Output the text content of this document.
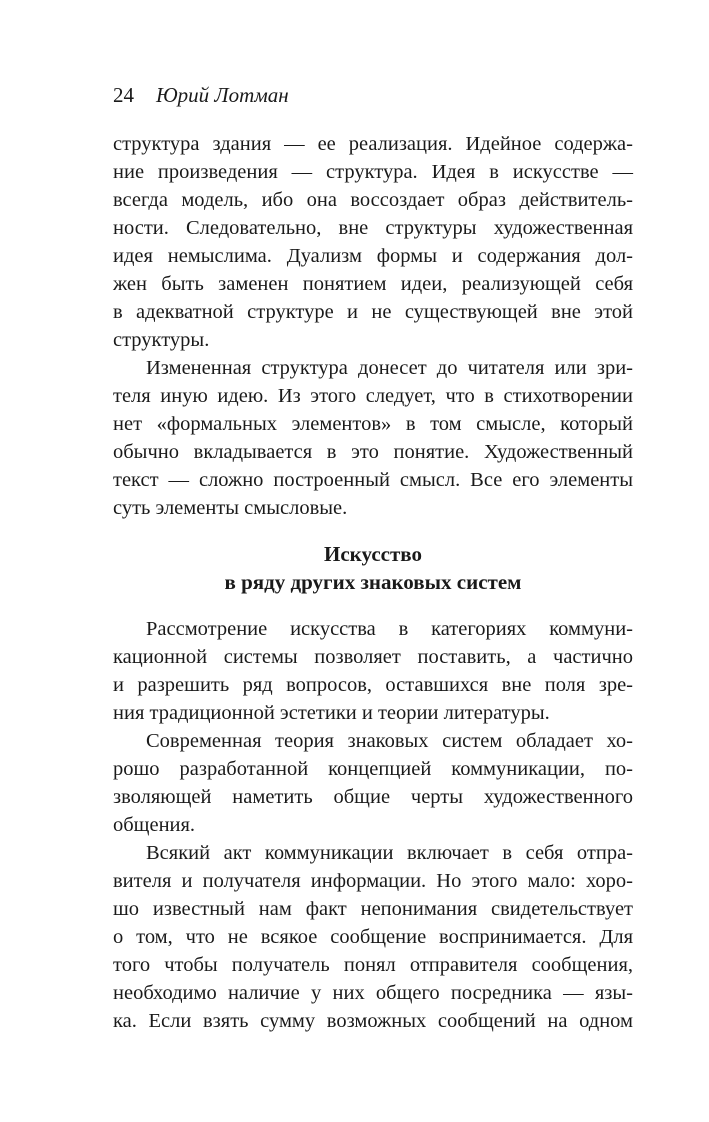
24 Юрий Лотман
структура здания — ее реализация. Идейное содержа-
ние произведения — структура. Идея в искусстве —
всегда модель, ибо она воссоздает образ действитель-
ности. Следовательно, вне структуры художественная
идея немыслима. Дуализм формы и содержания дол-
жен быть заменен понятием идеи, реализующей себя
в адекватной структуре и не существующей вне этой
структуры.
Измененная структура донесет до читателя или зри-
теля иную идею. Из этого следует, что в стихотворении
нет «формальных элементов» в том смысле, который
обычно вкладывается в это понятие. Художественный
текст — сложно построенный смысл. Все его элементы
суть элементы смысловые.
Искусство
в ряду других знаковых систем
Рассмотрение искусства в категориях коммуни-
кационной системы позволяет поставить, а частично
и разрешить ряд вопросов, оставшихся вне поля зре-
ния традиционной эстетики и теории литературы.
Современная теория знаковых систем обладает хо-
рошо разработанной концепцией коммуникации, по-
зволяющей наметить общие черты художественного
общения.
Всякий акт коммуникации включает в себя отпра-
вителя и получателя информации. Но этого мало: хоро-
шо известный нам факт непонимания свидетельствует
о том, что не всякое сообщение воспринимается. Для
того чтобы получатель понял отправителя сообщения,
необходимо наличие у них общего посредника — язы-
ка. Если взять сумму возможных сообщений на одном
